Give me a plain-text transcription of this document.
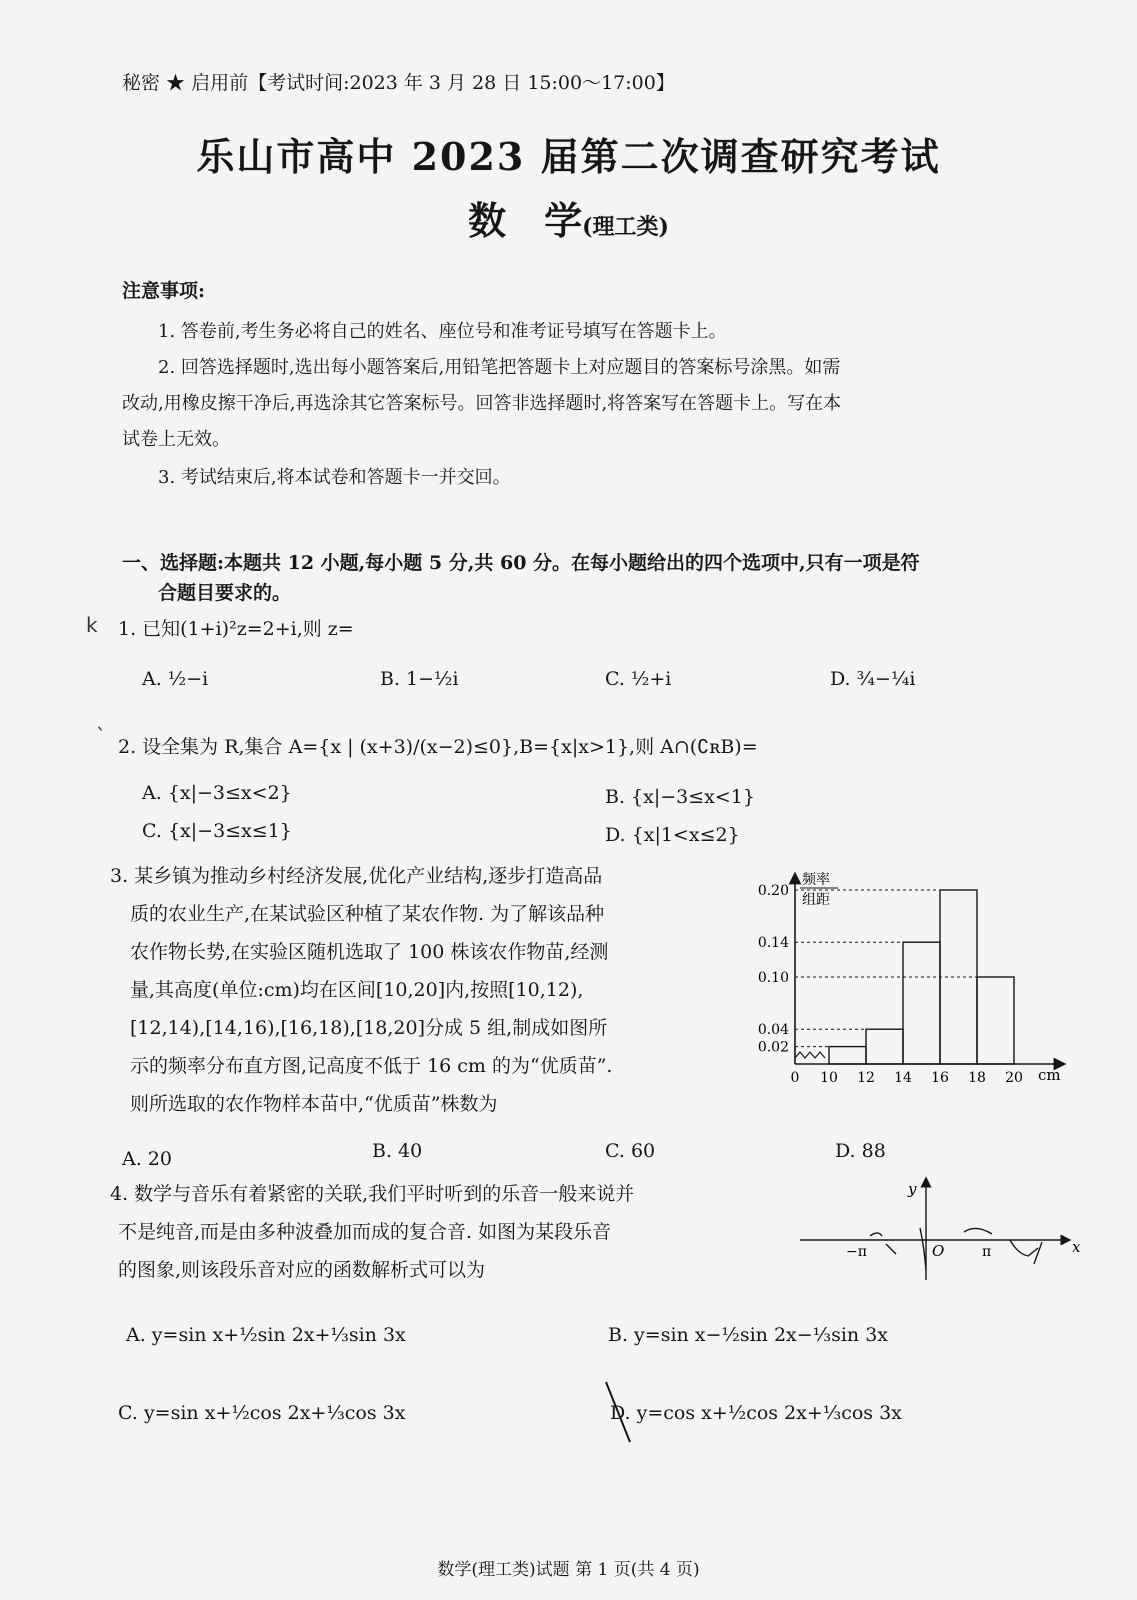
秘密 ★ 启用前【考试时间:2023 年 3 月 28 日 15:00～17:00】
乐山市高中 2023 届第二次调查研究考试
数　学(理工类)
注意事项:
1. 答卷前,考生务必将自己的姓名、座位号和准考证号填写在答题卡上。
2. 回答选择题时,选出每小题答案后,用铅笔把答题卡上对应题目的答案标号涂黑。如需
改动,用橡皮擦干净后,再选涂其它答案标号。回答非选择题时,将答案写在答题卡上。写在本
试卷上无效。
3. 考试结束后,将本试卷和答题卡一并交回。
一、选择题:本题共 12 小题,每小题 5 分,共 60 分。在每小题给出的四个选项中,只有一项是符
合题目要求的。
k 1. 已知(1+i)²z=2+i,则 z=
A. ½−i	B. 1−½i	C. ½+i	D. ¾−¼i
` 2. 设全集为 R,集合 A={x | (x+3)/(x−2)≤0},B={x|x>1},则 A∩(∁ʀB)=
A. {x|−3≤x<2}	B. {x|−3≤x<1}
C. {x|−3≤x≤1}	D. {x|1<x≤2}
3. 某乡镇为推动乡村经济发展,优化产业结构,逐步打造高品
质的农业生产,在某试验区种植了某农作物. 为了解该品种
农作物长势,在实验区随机选取了 100 株该农作物苗,经测
量,其高度(单位:cm)均在区间[10,20]内,按照[10,12),
[12,14),[14,16),[16,18),[18,20]分成 5 组,制成如图所
示的频率分布直方图,记高度不低于 16 cm 的为“优质苗”.
则所选取的农作物样本苗中,“优质苗”株数为
A. 20	B. 40	C. 60	D. 88
频率
组距
0.02
0.04
0.10
0.14
0.20
0 10 12 14 16 18 20 cm
4. 数学与音乐有着紧密的关联,我们平时听到的乐音一般来说并
不是纯音,而是由多种波叠加而成的复合音. 如图为某段乐音
的图象,则该段乐音对应的函数解析式可以为
y
x
O
−π	π
A. y=sin x+½sin 2x+⅓sin 3x	B. y=sin x−½sin 2x−⅓sin 3x
C. y=sin x+½cos 2x+⅓cos 3x	D. y=cos x+½cos 2x+⅓cos 3x
数学(理工类)试题 第 1 页(共 4 页)
